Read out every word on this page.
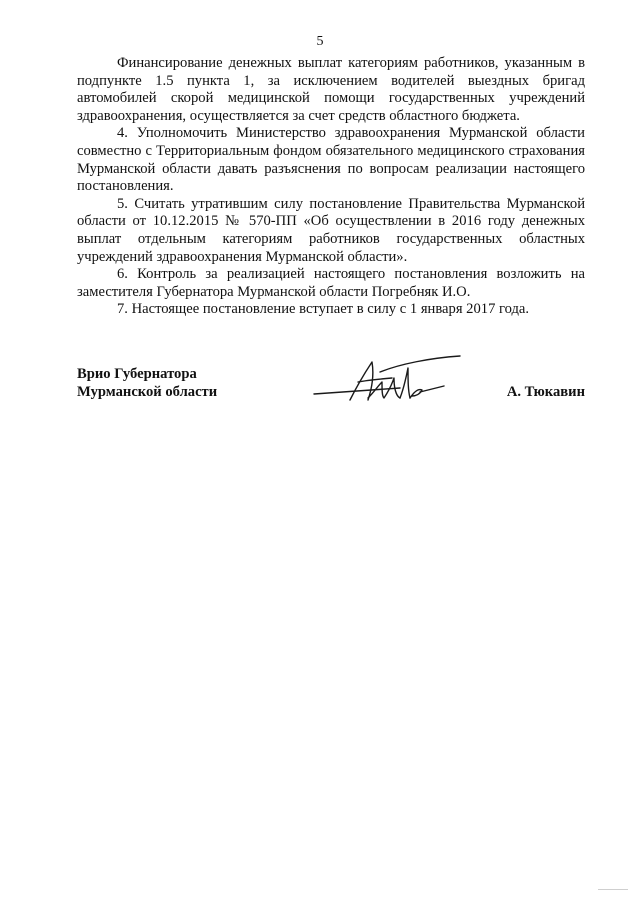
5

Финансирование денежных выплат категориям работников, указанным в подпункте 1.5 пункта 1, за исключением водителей выездных бригад автомобилей скорой медицинской помощи государственных учреждений здравоохранения, осуществляется за счет средств областного бюджета.

4. Уполномочить Министерство здравоохранения Мурманской области совместно с Территориальным фондом обязательного медицинского страхования Мурманской области давать разъяснения по вопросам реализации настоящего постановления.

5. Считать утратившим силу постановление Правительства Мурманской области от 10.12.2015 № 570-ПП «Об осуществлении в 2016 году денежных выплат отдельным категориям работников государственных областных учреждений здравоохранения Мурманской области».

6. Контроль за реализацией настоящего постановления возложить на заместителя Губернатора Мурманской области Погребняк И.О.

7. Настоящее постановление вступает в силу с 1 января 2017 года.

Врио Губернатора
Мурманской области	А. Тюкавин
